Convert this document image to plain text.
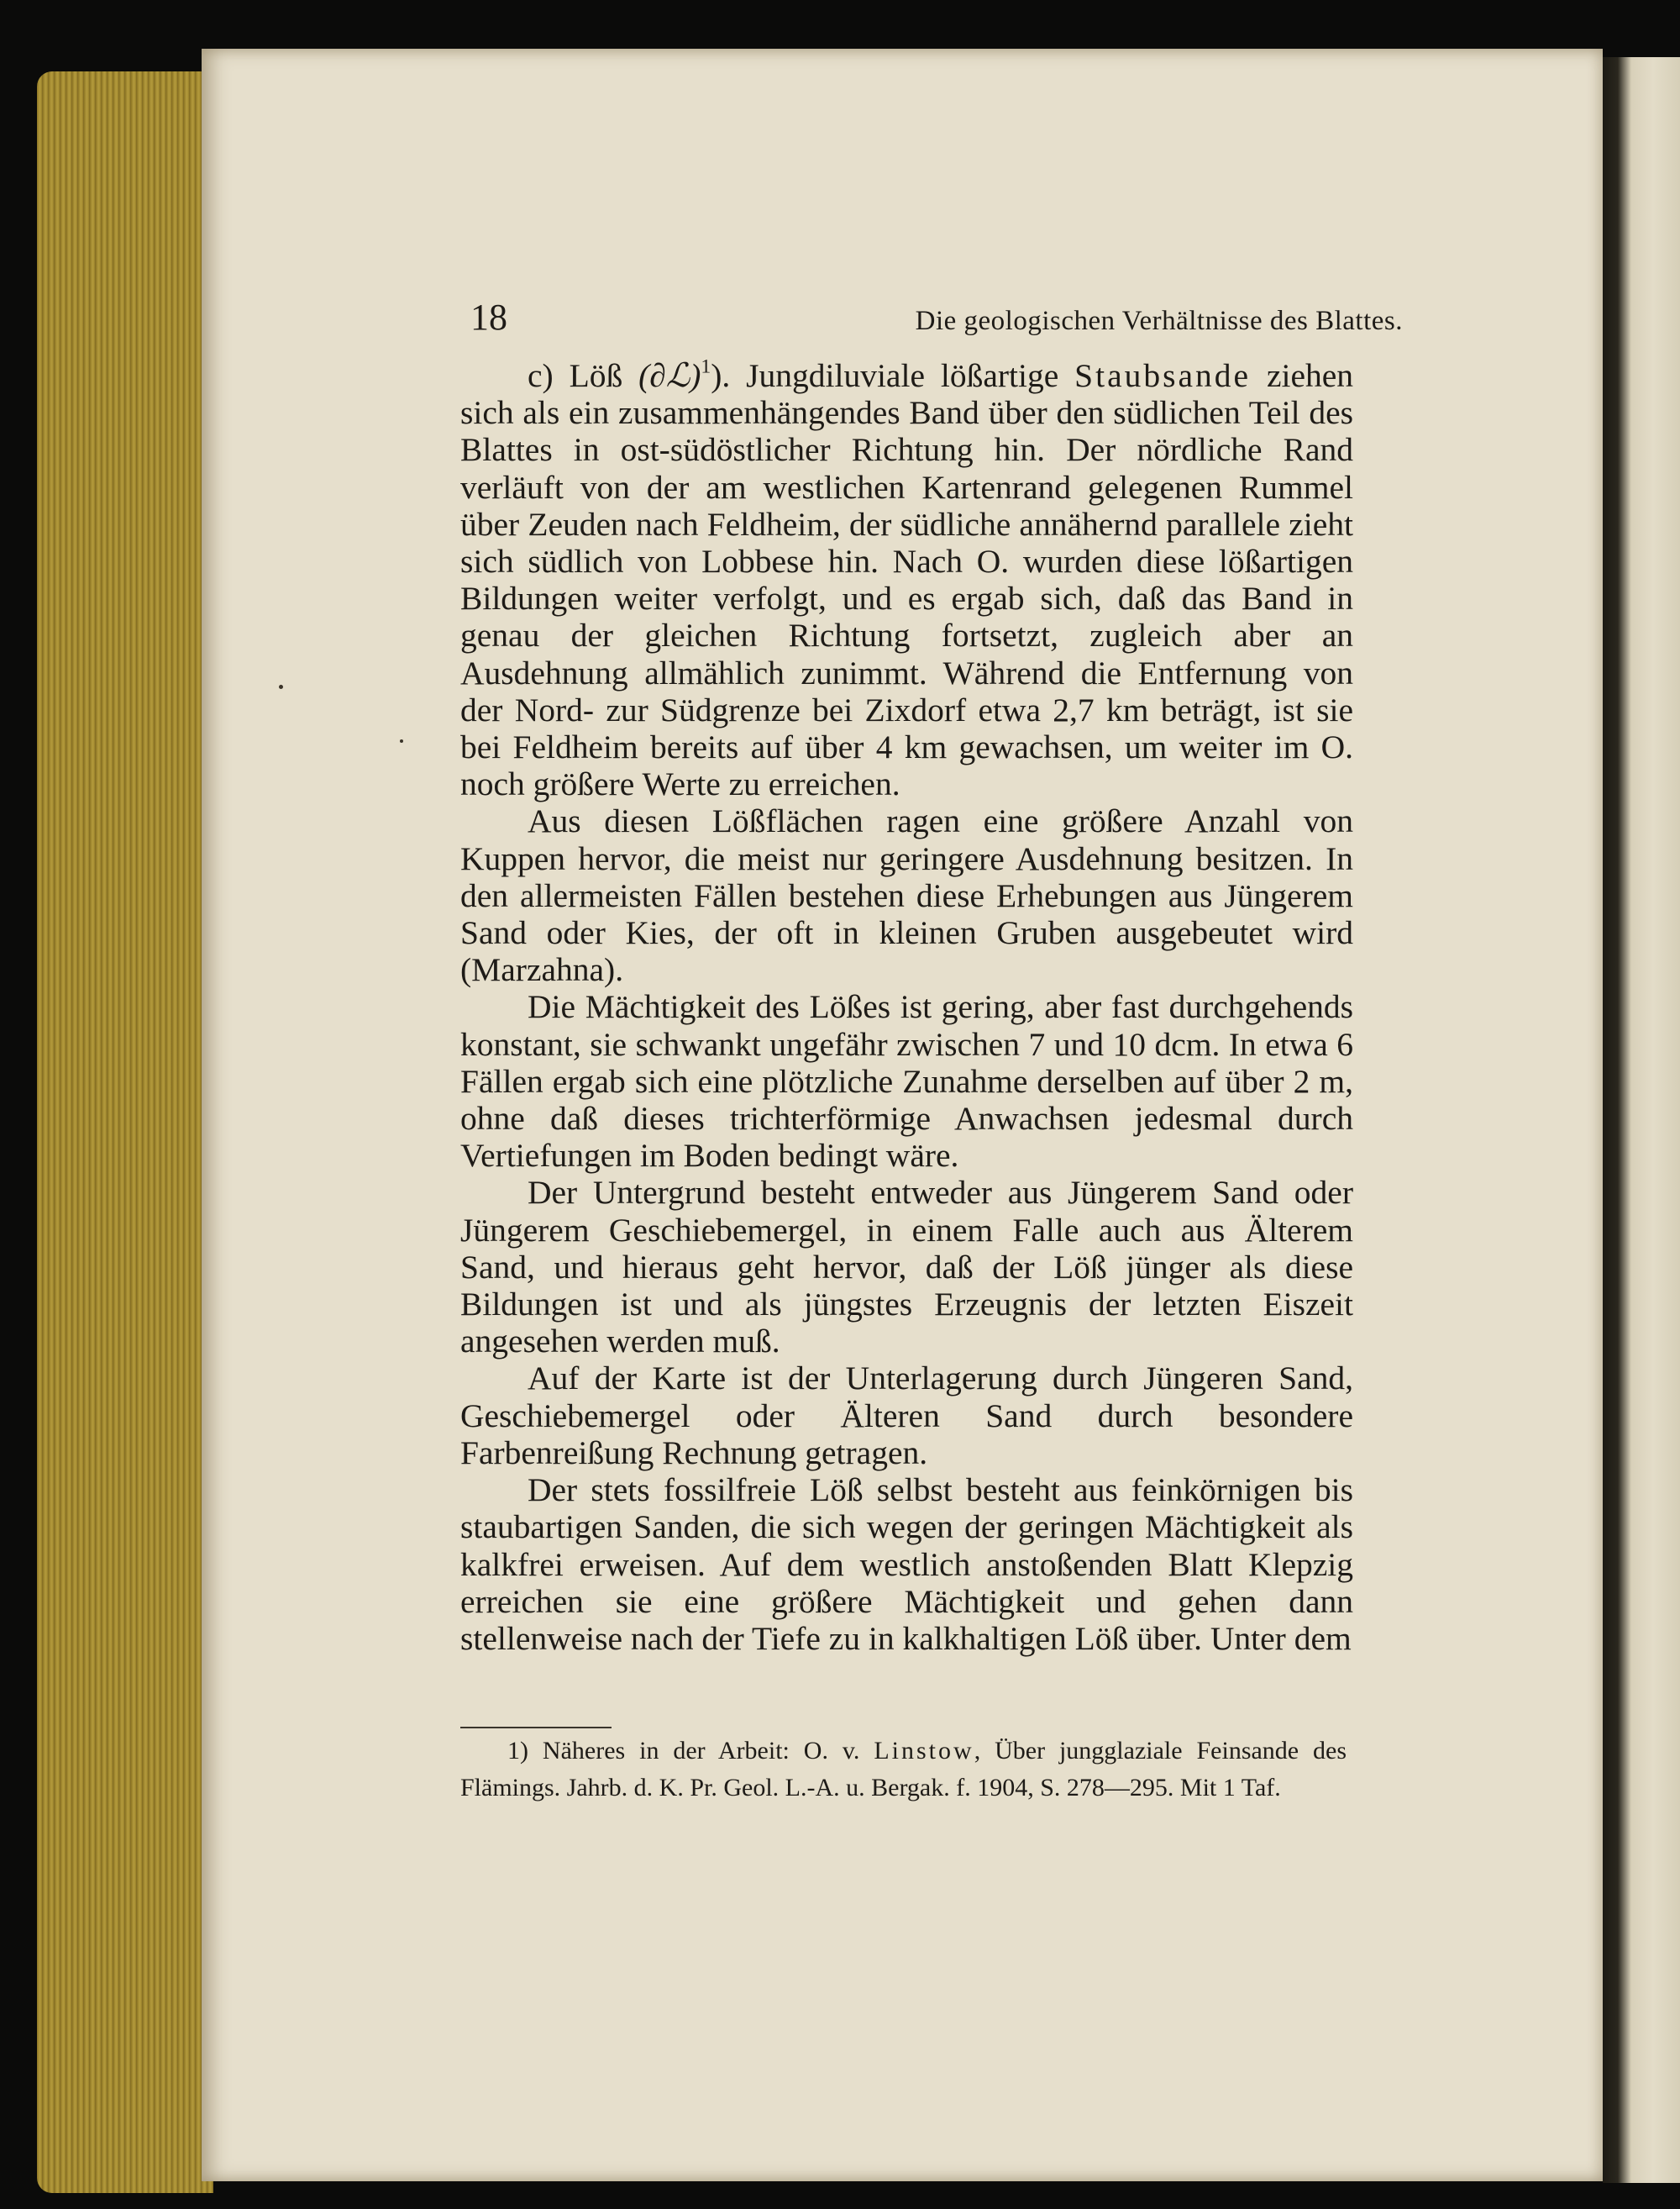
18	Die geologischen Verhältnisse des Blattes.

c) Löß (∂ℒ)$^1$). Jungdiluviale lößartige Staubsande ziehen sich als ein zusammenhängendes Band über den südlichen Teil des Blattes in ost-südöstlicher Richtung hin. Der nördliche Rand verläuft von der am westlichen Kartenrand gelegenen Rummel über Zeuden nach Feldheim, der südliche annähernd parallele zieht sich südlich von Lobbese hin. Nach O. wurden diese lößartigen Bildungen weiter verfolgt, und es ergab sich, daß das Band in genau der gleichen Richtung fortsetzt, zugleich aber an Ausdehnung allmählich zunimmt. Während die Entfernung von der Nord- zur Südgrenze bei Zixdorf etwa 2,7 km beträgt, ist sie bei Feldheim bereits auf über 4 km gewachsen, um weiter im O. noch größere Werte zu erreichen.

Aus diesen Lößflächen ragen eine größere Anzahl von Kuppen hervor, die meist nur geringere Ausdehnung besitzen. In den allermeisten Fällen bestehen diese Erhebungen aus Jüngerem Sand oder Kies, der oft in kleinen Gruben ausgebeutet wird (Marzahna).

Die Mächtigkeit des Lößes ist gering, aber fast durchgehends konstant, sie schwankt ungefähr zwischen 7 und 10 dcm. In etwa 6 Fällen ergab sich eine plötzliche Zunahme derselben auf über 2 m, ohne daß dieses trichterförmige Anwachsen jedesmal durch Vertiefungen im Boden bedingt wäre.

Der Untergrund besteht entweder aus Jüngerem Sand oder Jüngerem Geschiebemergel, in einem Falle auch aus Älterem Sand, und hieraus geht hervor, daß der Löß jünger als diese Bildungen ist und als jüngstes Erzeugnis der letzten Eiszeit angesehen werden muß.

Auf der Karte ist der Unterlagerung durch Jüngeren Sand, Geschiebemergel oder Älteren Sand durch besondere Farbenreißung Rechnung getragen.

Der stets fossilfreie Löß selbst besteht aus feinkörnigen bis staubartigen Sanden, die sich wegen der geringen Mächtigkeit als kalkfrei erweisen. Auf dem westlich anstoßenden Blatt Klepzig erreichen sie eine größere Mächtigkeit und gehen dann stellenweise nach der Tiefe zu in kalkhaltigen Löß über. Unter dem

1) Näheres in der Arbeit: O. v. Linstow, Über jungglaziale Feinsande des Flämings. Jahrb. d. K. Pr. Geol. L.-A. u. Bergak. f. 1904, S. 278—295. Mit 1 Taf.
